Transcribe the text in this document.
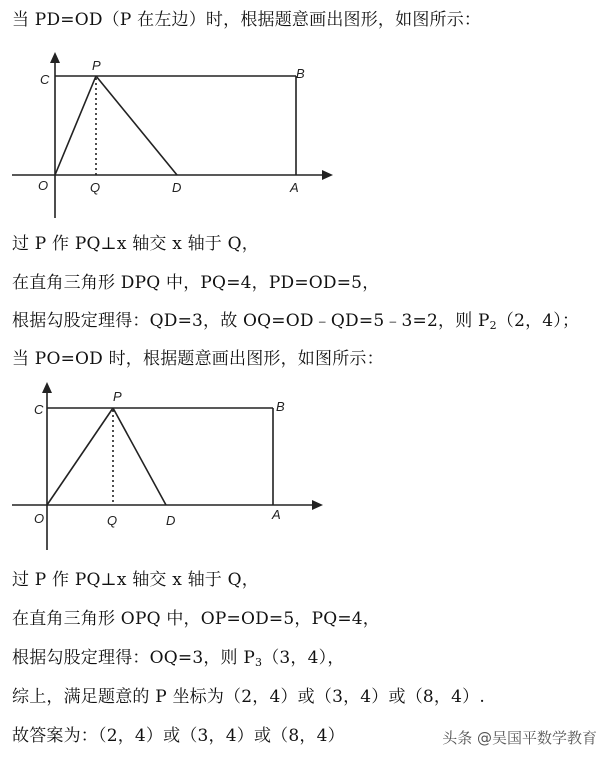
当 PD=OD（P 在左边）时，根据题意画出图形，如图所示：
C
P
B
O	Q	D	A
C
P
B
O	Q	D	A
过 P 作 PQ⊥x 轴交 x 轴于 Q，
在直角三角形 DPQ 中，PQ=4，PD=OD=5，
根据勾股定理得：QD=3，故 OQ=OD﹣QD=5﹣3=2，则 $P_2(2$，4）；
当 PO=OD 时，根据题意画出图形，如图所示：
过 P 作 PQ⊥x 轴交 x 轴于 Q，
在直角三角形 OPQ 中，OP=OD=5，PQ=4，
根据勾股定理得：OQ=3，则 $P_3(3$，4），
综上，满足题意的 P 坐标为（2，4）或（3，4）或（8，4）.
故答案为：（2，4）或（3，4）或（8，4）	头条 @吴国平数学教育
